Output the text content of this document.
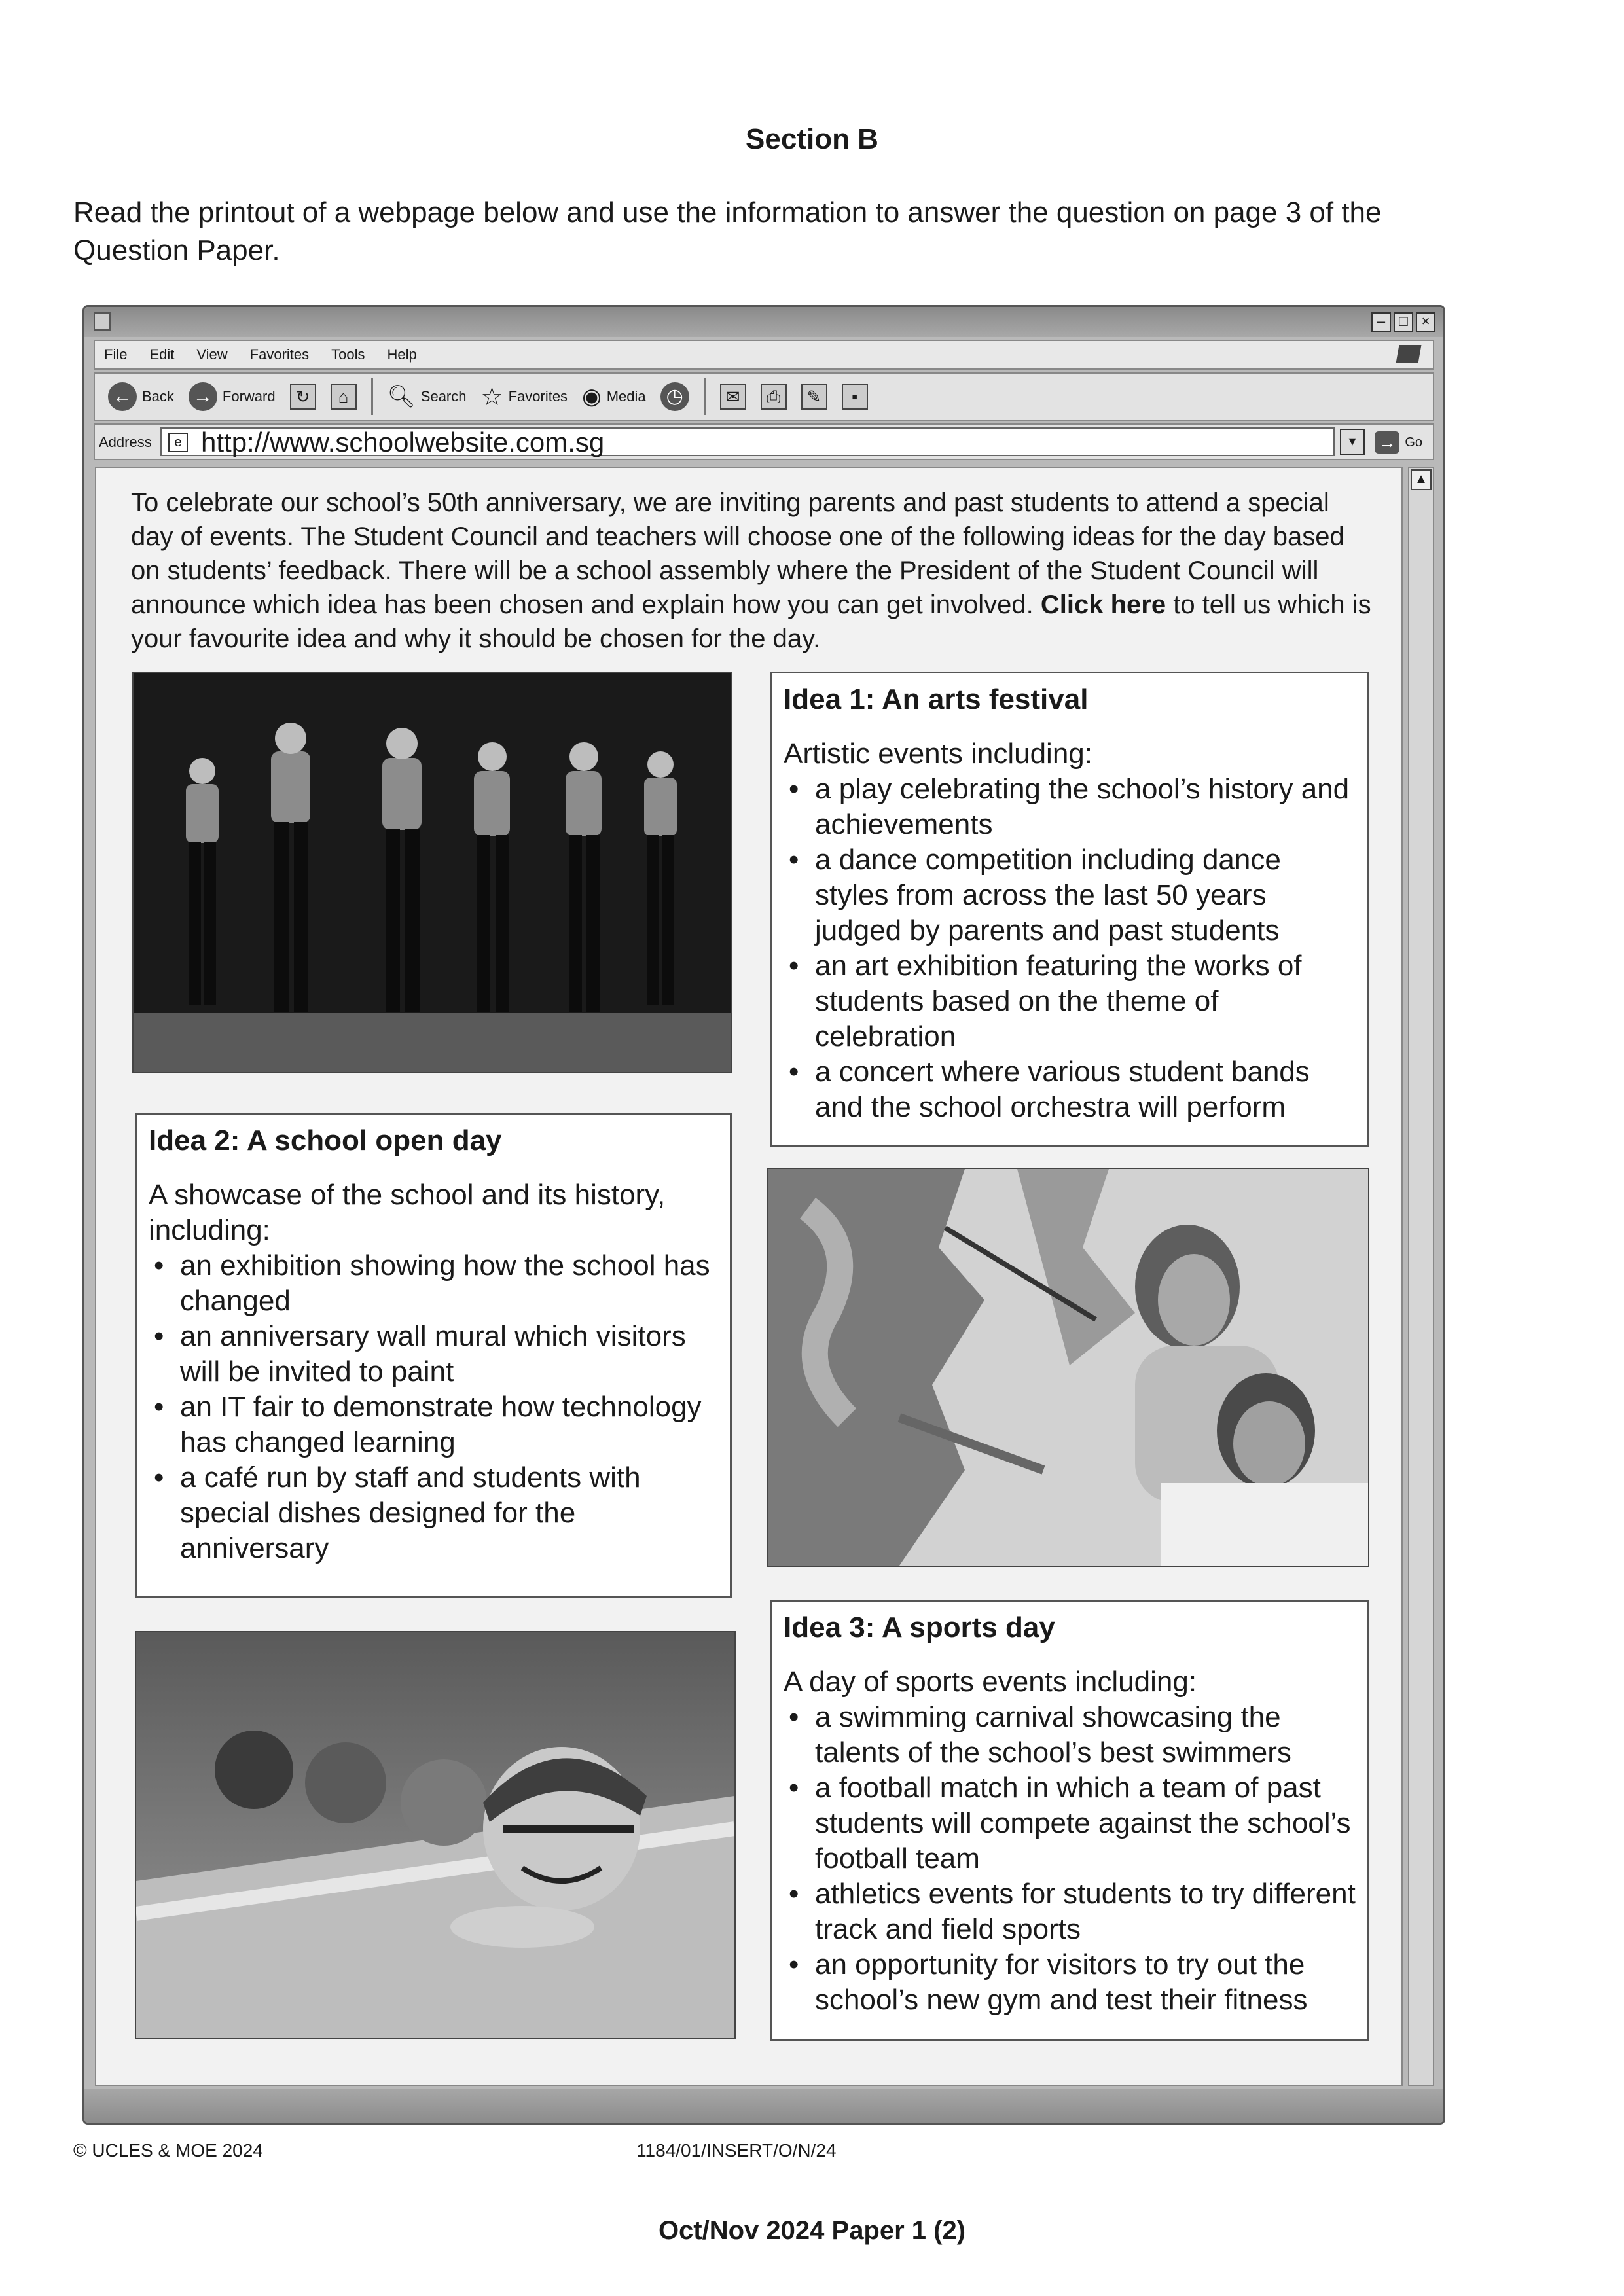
Section B
Read the printout of a webpage below and use the information to answer the question on page 3 of the Question Paper.
– □ ×
File Edit View Favorites Tools Help
← Back → Forward	↻	⌂	🔍︎ Search ☆ Favorites ◉ Media ◷	✉	⎙	✎	▪
Address	e http://www.schoolwebsite.com.sg	▾	→ Go
▲
To celebrate our school’s 50th anniversary, we are inviting parents and past students to attend a special day of events. The Student Council and teachers will choose one of the following ideas for the day based on students’ feedback. There will be a school assembly where the President of the Student Council will announce which idea has been chosen and explain how you can get involved. Click here to tell us which is your favourite idea and why it should be chosen for the day.
Idea 1: An arts festival
Artistic events including:
• a play celebrating the school’s history and achievements
• a dance competition including dance styles from across the last 50 years judged by parents and past students
• an art exhibition featuring the works of students based on the theme of celebration
• a concert where various student bands and the school orchestra will perform
Idea 2: A school open day
A showcase of the school and its history, including:
• an exhibition showing how the school has changed
• an anniversary wall mural which visitors will be invited to paint
• an IT fair to demonstrate how technology has changed learning
• a café run by staff and students with special dishes designed for the anniversary
Idea 3: A sports day
A day of sports events including:
• a swimming carnival showcasing the talents of the school’s best swimmers
• a football match in which a team of past students will compete against the school’s football team
• athletics events for students to try different track and field sports
• an opportunity for visitors to try out the school’s new gym and test their fitness
© UCLES & MOE 2024	1184/01/INSERT/O/N/24
Oct/Nov 2024 Paper 1 (2)
